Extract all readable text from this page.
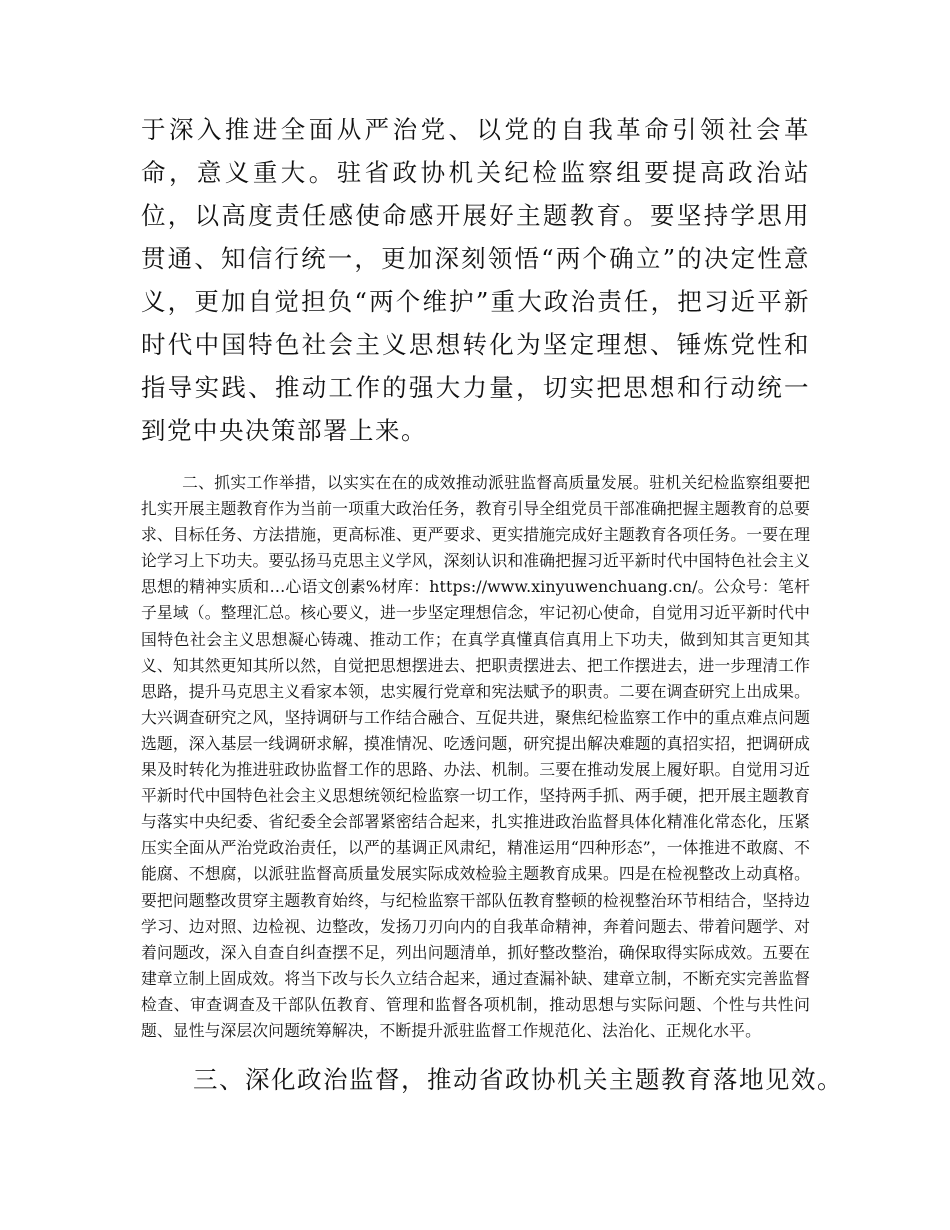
于深入推进全面从严治党、以党的自我革命引领社会革命，意义重大。驻省政协机关纪检监察组要提高政治站位，以高度责任感使命感开展好主题教育。要坚持学思用贯通、知信行统一，更加深刻领悟“两个确立”的决定性意义，更加自觉担负“两个维护”重大政治责任，把习近平新时代中国特色社会主义思想转化为坚定理想、锤炼党性和指导实践、推动工作的强大力量，切实把思想和行动统一到党中央决策部署上来。

二、抓实工作举措，以实实在在的成效推动派驻监督高质量发展。驻机关纪检监察组要把扎实开展主题教育作为当前一项重大政治任务，教育引导全组党员干部准确把握主题教育的总要求、目标任务、方法措施，更高标准、更严要求、更实措施完成好主题教育各项任务。一要在理论学习上下功夫。要弘扬马克思主义学风，深刻认识和准确把握习近平新时代中国特色社会主义思想的精神实质和…心语文创素%材库：https://www.xinyuwenchuang.cn/。公众号：笔杆子星域（。整理汇总。核心要义，进一步坚定理想信念，牢记初心使命，自觉用习近平新时代中国特色社会主义思想凝心铸魂、推动工作；在真学真懂真信真用上下功夫，做到知其言更知其义、知其然更知其所以然，自觉把思想摆进去、把职责摆进去、把工作摆进去，进一步理清工作思路，提升马克思主义看家本领，忠实履行党章和宪法赋予的职责。二要在调查研究上出成果。大兴调查研究之风，坚持调研与工作结合融合、互促共进，聚焦纪检监察工作中的重点难点问题选题，深入基层一线调研求解，摸准情况、吃透问题，研究提出解决难题的真招实招，把调研成果及时转化为推进驻政协监督工作的思路、办法、机制。三要在推动发展上履好职。自觉用习近平新时代中国特色社会主义思想统领纪检监察一切工作，坚持两手抓、两手硬，把开展主题教育与落实中央纪委、省纪委全会部署紧密结合起来，扎实推进政治监督具体化精准化常态化，压紧压实全面从严治党政治责任，以严的基调正风肃纪，精准运用“四种形态”，一体推进不敢腐、不能腐、不想腐，以派驻监督高质量发展实际成效检验主题教育成果。四是在检视整改上动真格。要把问题整改贯穿主题教育始终，与纪检监察干部队伍教育整顿的检视整治环节相结合，坚持边学习、边对照、边检视、边整改，发扬刀刃向内的自我革命精神，奔着问题去、带着问题学、对着问题改，深入自查自纠查摆不足，列出问题清单，抓好整改整治，确保取得实际成效。五要在建章立制上固成效。将当下改与长久立结合起来，通过查漏补缺、建章立制，不断充实完善监督检查、审查调查及干部队伍教育、管理和监督各项机制，推动思想与实际问题、个性与共性问题、显性与深层次问题统筹解决，不断提升派驻监督工作规范化、法治化、正规化水平。

三、深化政治监督，推动省政协机关主题教育落地见效。
